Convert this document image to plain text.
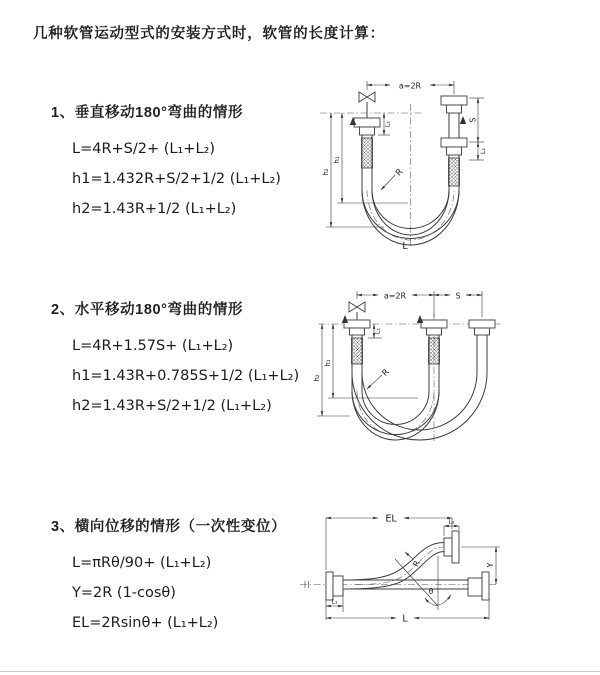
几种软管运动型式的安装方式时，软管的长度计算：

1、垂直移动180°弯曲的情形

L=4R+S/2+ (L₁+L₂)
h1=1.432R+S/2+1/2 (L₁+L₂)
h2=1.43R+1/2 (L₁+L₂)

2、水平移动180°弯曲的情形

L=4R+1.57S+ (L₁+L₂)
h1=1.43R+0.785S+1/2 (L₁+L₂)
h2=1.43R+S/2+1/2 (L₁+L₂)

3、横向位移的情形（一次性变位）

L=πRθ/90+ (L₁+L₂)
Y=2R (1-cosθ)
EL=2Rsinθ+ (L₁+L₂)
a=2R
S
L₁
L₁
h₁
h₂	R
L
a=2R	S
L₁
h₁
h₂	R
θ
R
EL	L₂
Y
L₁
L
